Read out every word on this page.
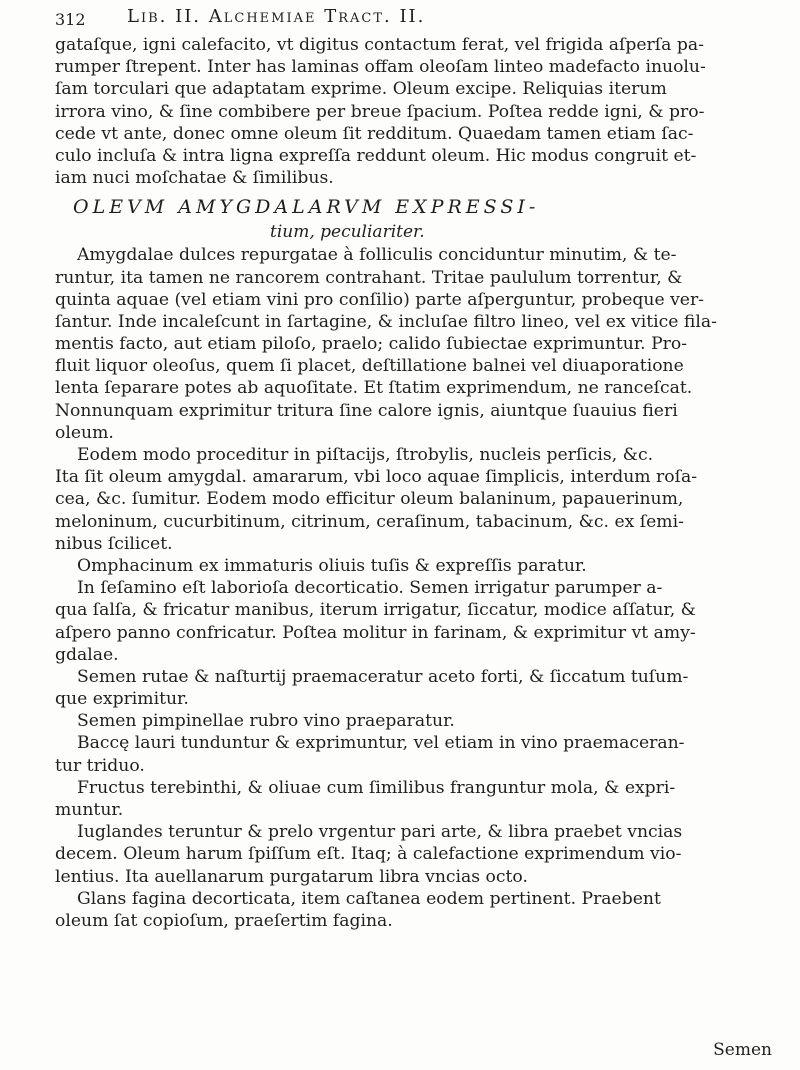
312 Lib. II. Alchemiae Tract. II.
gataſque, igni calefacito, vt digitus contactum ferat, vel frigida aſperſa pa-
rumper ſtrepent. Inter has laminas offam oleoſam linteo madefacto inuolu-
ſam torculari que adaptatam exprime. Oleum excipe. Reliquias iterum
irrora vino, & ſine combibere per breue ſpacium. Poſtea redde igni, & pro-
cede vt ante, donec omne oleum ſit redditum. Quaedam tamen etiam ſac-
culo incluſa & intra ligna expreſſa reddunt oleum. Hic modus congruit et-
iam nuci moſchatae & ſimilibus.
OLEVM AMYGDALARVM EXPRESSI-
tium, peculiariter.
Amygdalae dulces repurgatae à folliculis conciduntur minutim, & te-
runtur, ita tamen ne rancorem contrahant. Tritae paululum torrentur, &
quinta aquae (vel etiam vini pro conſilio) parte aſperguntur, probeque ver-
ſantur. Inde incaleſcunt in ſartagine, & incluſae filtro lineo, vel ex vitice fila-
mentis facto, aut etiam piloſo, praelo; calido ſubiectae exprimuntur. Pro-
fluit liquor oleoſus, quem ſi placet, deſtillatione balnei vel diuaporatione
lenta ſeparare potes ab aquoſitate. Et ſtatim exprimendum, ne ranceſcat.
Nonnunquam exprimitur tritura ſine calore ignis, aiuntque ſuauius fieri
oleum.
Eodem modo proceditur in piſtacijs, ſtrobylis, nucleis perſicis, &c.
Ita ſit oleum amygdal. amararum, vbi loco aquae ſimplicis, interdum roſa-
cea, &c. ſumitur. Eodem modo efficitur oleum balaninum, papauerinum,
meloninum, cucurbitinum, citrinum, ceraſinum, tabacinum, &c. ex ſemi-
nibus ſcilicet.
Omphacinum ex immaturis oliuis tuſis & expreſſis paratur.
In ſeſamino eſt laborioſa decorticatio. Semen irrigatur parumper a-
qua ſalſa, & fricatur manibus, iterum irrigatur, ſiccatur, modice aſſatur, &
aſpero panno confricatur. Poſtea molitur in farinam, & exprimitur vt amy-
gdalae.
Semen rutae & naſturtij praemaceratur aceto forti, & ſiccatum tuſum-
que exprimitur.
Semen pimpinellae rubro vino praeparatur.
Baccę lauri tunduntur & exprimuntur, vel etiam in vino praemaceran-
tur triduo.
Fructus terebinthi, & oliuae cum ſimilibus franguntur mola, & expri-
muntur.
Iuglandes teruntur & prelo vrgentur pari arte, & libra praebet vncias
decem. Oleum harum ſpiſſum eſt. Itaq; à calefactione exprimendum vio-
lentius. Ita auellanarum purgatarum libra vncias octo.
Glans fagina decorticata, item caſtanea eodem pertinent. Praebent
oleum ſat copioſum, praeſertim fagina.
Semen
